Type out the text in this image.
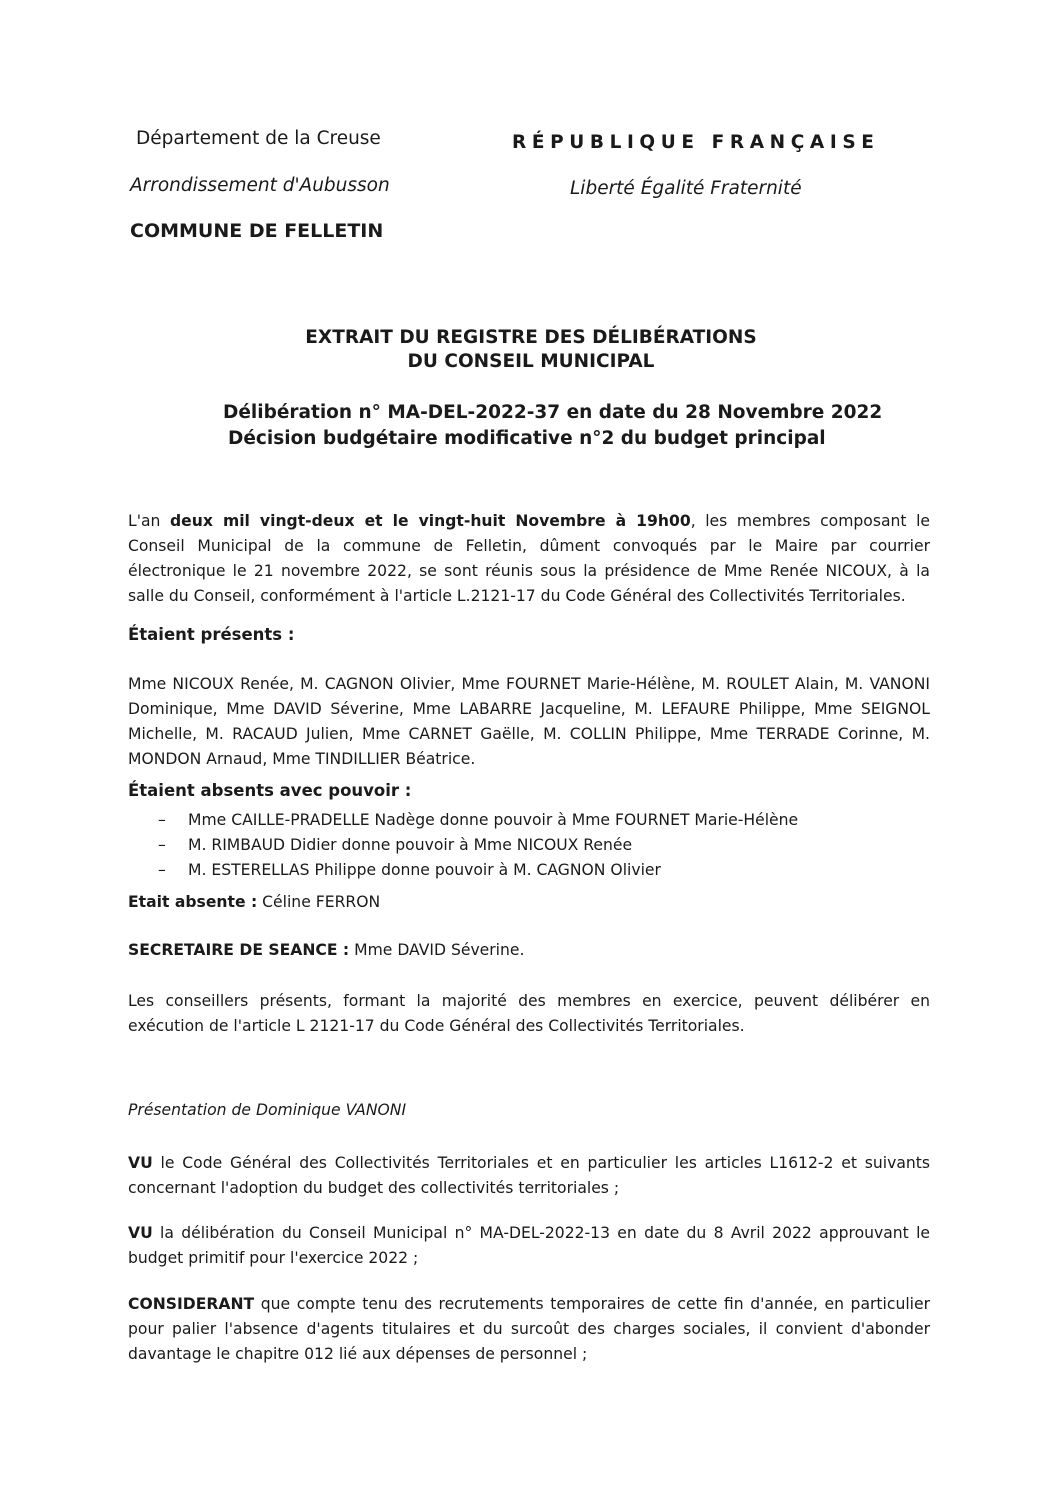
Département de la Creuse
Arrondissement d'Aubusson
COMMUNE DE FELLETIN
RÉPUBLIQUE FRANÇAISE
Liberté Égalité Fraternité
EXTRAIT DU REGISTRE DES DÉLIBÉRATIONS
DU CONSEIL MUNICIPAL
Délibération n° MA-DEL-2022-37 en date du 28 Novembre 2022
Décision budgétaire modificative n°2 du budget principal
L'an deux mil vingt-deux et le vingt-huit Novembre à 19h00, les membres composant le Conseil Municipal de la commune de Felletin, dûment convoqués par le Maire par courrier électronique le 21 novembre 2022, se sont réunis sous la présidence de Mme Renée NICOUX, à la salle du Conseil, conformément à l'article L.2121-17 du Code Général des Collectivités Territoriales.
Étaient présents :
Mme NICOUX Renée, M. CAGNON Olivier, Mme FOURNET Marie-Hélène, M. ROULET Alain, M. VANONI Dominique, Mme DAVID Séverine, Mme LABARRE Jacqueline, M. LEFAURE Philippe, Mme SEIGNOL Michelle, M. RACAUD Julien, Mme CARNET Gaëlle, M. COLLIN Philippe, Mme TERRADE Corinne, M. MONDON Arnaud, Mme TINDILLIER Béatrice.
Étaient absents avec pouvoir :
– Mme CAILLE-PRADELLE Nadège donne pouvoir à Mme FOURNET Marie-Hélène
– M. RIMBAUD Didier donne pouvoir à Mme NICOUX Renée
– M. ESTERELLAS Philippe donne pouvoir à M. CAGNON Olivier
Etait absente : Céline FERRON
SECRETAIRE DE SEANCE : Mme DAVID Séverine.
Les conseillers présents, formant la majorité des membres en exercice, peuvent délibérer en exécution de l'article L 2121-17 du Code Général des Collectivités Territoriales.
Présentation de Dominique VANONI
VU le Code Général des Collectivités Territoriales et en particulier les articles L1612-2 et suivants concernant l'adoption du budget des collectivités territoriales ;
VU la délibération du Conseil Municipal n° MA-DEL-2022-13 en date du 8 Avril 2022 approuvant le budget primitif pour l'exercice 2022 ;
CONSIDERANT que compte tenu des recrutements temporaires de cette fin d'année, en particulier pour palier l'absence d'agents titulaires et du surcoût des charges sociales, il convient d'abonder davantage le chapitre 012 lié aux dépenses de personnel ;
